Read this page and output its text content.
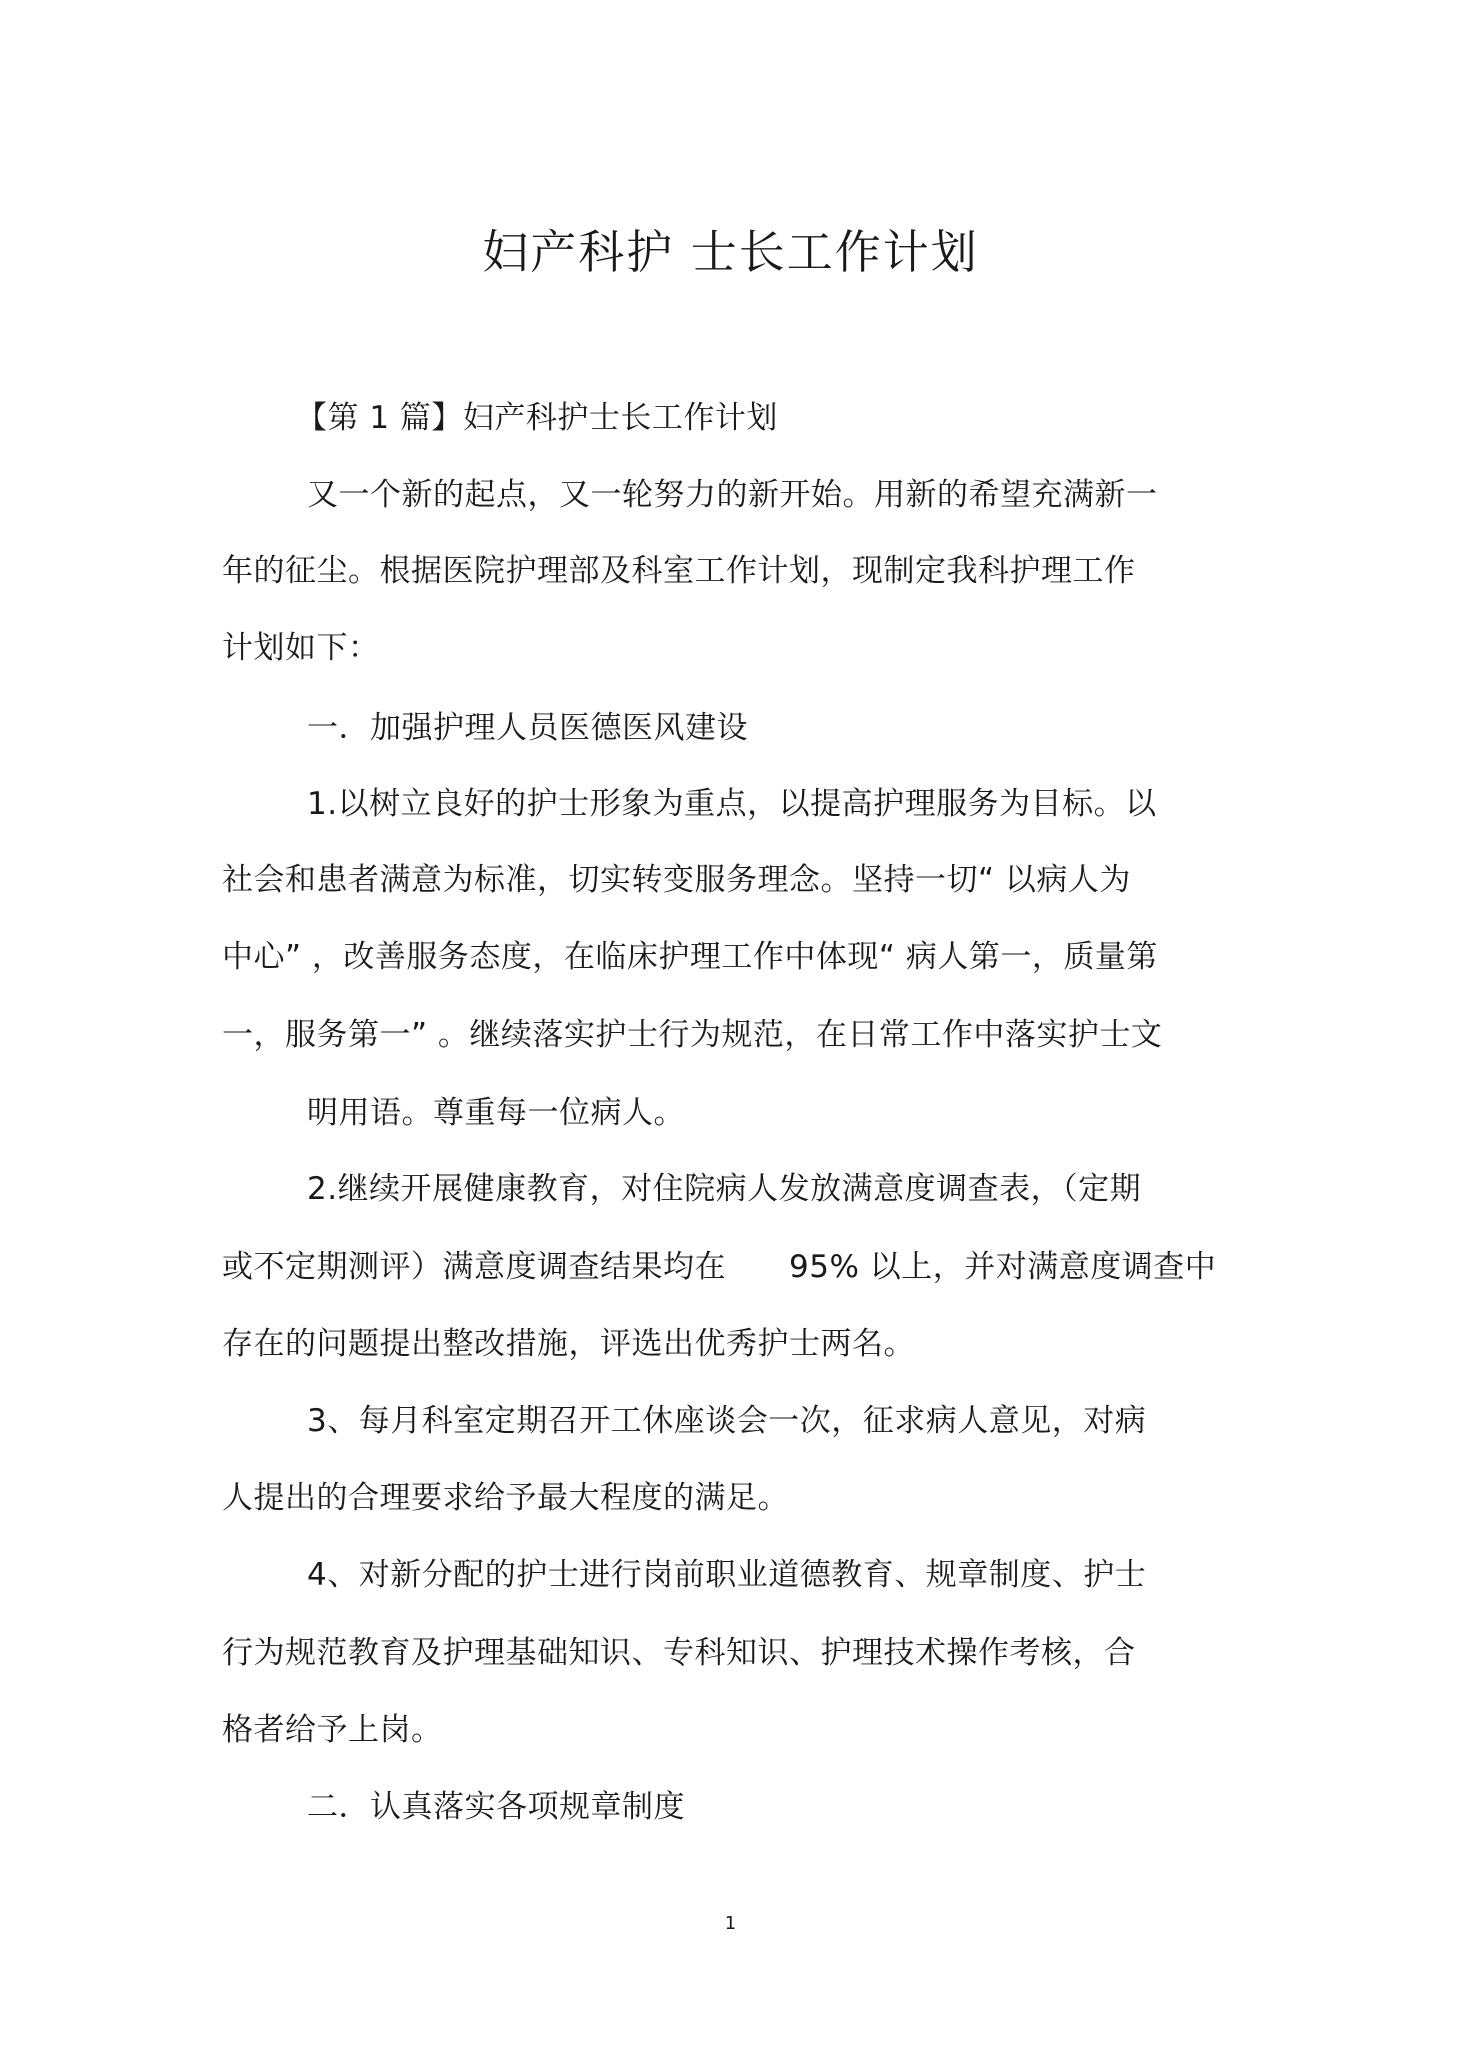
妇产科护 士长工作计划
【第 1 篇】妇产科护士长工作计划
又一个新的起点，又一轮努力的新开始。用新的希望充满新一
年的征尘。根据医院护理部及科室工作计划，现制定我科护理工作
计划如下：
一．加强护理人员医德医风建设
1.以树立良好的护士形象为重点，以提高护理服务为目标。以
社会和患者满意为标准，切实转变服务理念。坚持一切“ 以病人为
中心” ，改善服务态度，在临床护理工作中体现“ 病人第一，质量第
一，服务第一” 。继续落实护士行为规范，在日常工作中落实护士文
明用语。尊重每一位病人。
2.继续开展健康教育，对住院病人发放满意度调查表，（定期
或不定期测评）满意度调查结果均在　　95% 以上，并对满意度调查中
存在的问题提出整改措施，评选出优秀护士两名。
3、每月科室定期召开工休座谈会一次，征求病人意见，对病
人提出的合理要求给予最大程度的满足。
4、对新分配的护士进行岗前职业道德教育、规章制度、护士
行为规范教育及护理基础知识、专科知识、护理技术操作考核，合
格者给予上岗。
二．认真落实各项规章制度
1
